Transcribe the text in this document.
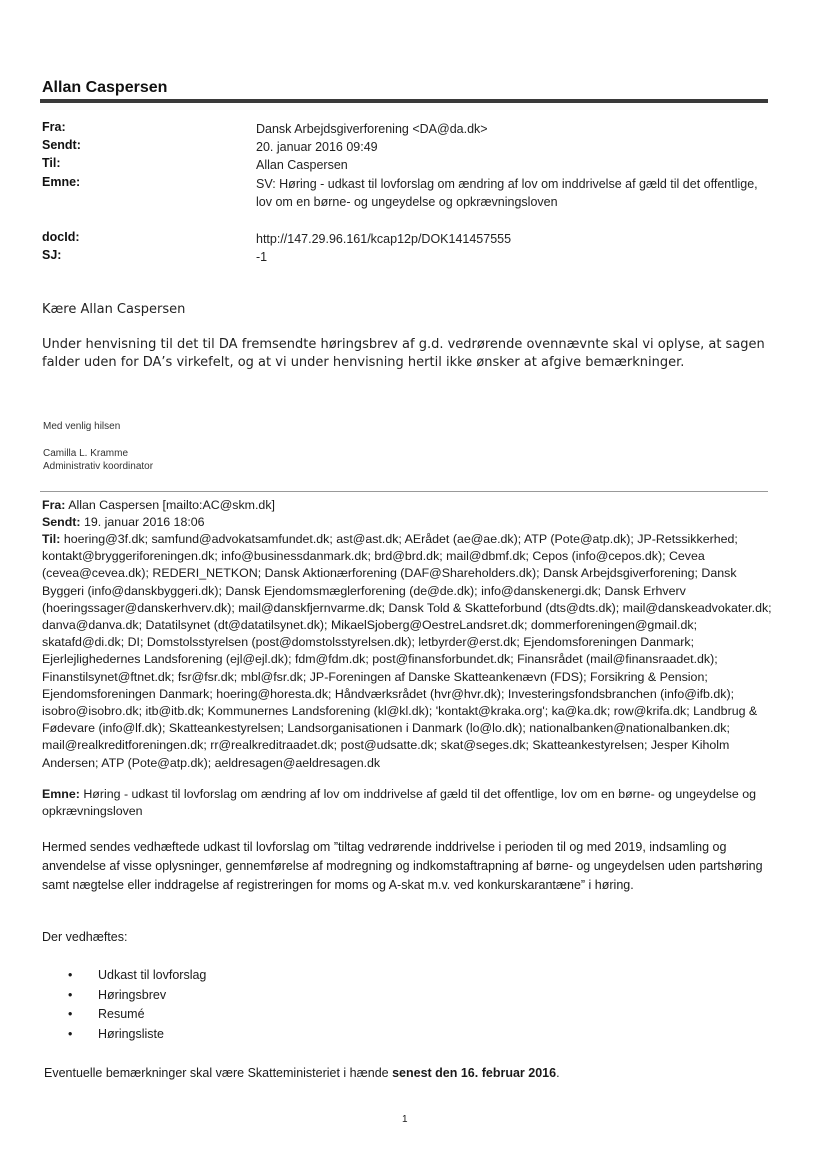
Allan Caspersen
Fra:	Dansk Arbejdsgiverforening <DA@da.dk>
Sendt:	20. januar 2016 09:49
Til:	Allan Caspersen
Emne:	SV: Høring - udkast til lovforslag om ændring af lov om inddrivelse af gæld til det offentlige, lov om en børne- og ungeydelse og opkrævningsloven
docId:	http://147.29.96.161/kcap12p/DOK141457555
SJ:	-1
Kære Allan Caspersen
Under henvisning til det til DA fremsendte høringsbrev af g.d. vedrørende ovennævnte skal vi oplyse, at sagen falder uden for DA’s virkefelt, og at vi under henvisning hertil ikke ønsker at afgive bemærkninger.
Med venlig hilsen
Camilla L. Kramme
Administrativ koordinator
Fra: Allan Caspersen [mailto:AC@skm.dk]
Sendt: 19. januar 2016 18:06
Til: hoering@3f.dk; samfund@advokatsamfundet.dk; ast@ast.dk; AErådet (ae@ae.dk); ATP (Pote@atp.dk); JP-Retssikkerhed; kontakt@bryggeriforeningen.dk; info@businessdanmark.dk; brd@brd.dk; mail@dbmf.dk; Cepos (info@cepos.dk); Cevea (cevea@cevea.dk); REDERI_NETKON; Dansk Aktionærforening (DAF@Shareholders.dk); Dansk Arbejdsgiverforening; Dansk Byggeri (info@danskbyggeri.dk); Dansk Ejendomsmæglerforening (de@de.dk); info@danskenergi.dk; Dansk Erhverv (hoeringssager@danskerhverv.dk); mail@danskfjernvarme.dk; Dansk Told & Skatteforbund (dts@dts.dk); mail@danskeadvokater.dk; danva@danva.dk; Datatilsynet (dt@datatilsynet.dk); MikaelSjoberg@OestreLandsret.dk; dommerforeningen@gmail.dk; skatafd@di.dk; DI; Domstolsstyrelsen (post@domstolsstyrelsen.dk); letbyrder@erst.dk; Ejendomsforeningen Danmark; Ejerlejlighedernes Landsforening (ejl@ejl.dk); fdm@fdm.dk; post@finansforbundet.dk; Finansrådet (mail@finansraadet.dk); Finanstilsynet@ftnet.dk; fsr@fsr.dk; mbl@fsr.dk; JP-Foreningen af Danske Skatteankenævn (FDS); Forsikring & Pension; Ejendomsforeningen Danmark; hoering@horesta.dk; Håndværksrådet (hvr@hvr.dk); Investeringsfondsbranchen (info@ifb.dk); isobro@isobro.dk; itb@itb.dk; Kommunernes Landsforening (kl@kl.dk); 'kontakt@kraka.org'; ka@ka.dk; row@krifa.dk; Landbrug & Fødevare (info@lf.dk); Skatteankestyrelsen; Landsorganisationen i Danmark (lo@lo.dk); nationalbanken@nationalbanken.dk; mail@realkreditforeningen.dk; rr@realkreditraadet.dk; post@udsatte.dk; skat@seges.dk; Skatteankestyrelsen; Jesper Kiholm Andersen; ATP (Pote@atp.dk); aeldresagen@aeldresagen.dk
Emne: Høring - udkast til lovforslag om ændring af lov om inddrivelse af gæld til det offentlige, lov om en børne- og ungeydelse og opkrævningsloven
Hermed sendes vedhæftede udkast til lovforslag om ”tiltag vedrørende inddrivelse i perioden til og med 2019, indsamling og anvendelse af visse oplysninger, gennemførelse af modregning og indkomstaftrapning af børne- og ungeydelsen uden partshøring samt nægtelse eller inddragelse af registreringen for moms og A-skat m.v. ved konkurskarantæne” i høring.
Der vedhæftes:
• Udkast til lovforslag
• Høringsbrev
• Resumé
• Høringsliste
Eventuelle bemærkninger skal være Skatteministeriet i hænde senest den 16. februar 2016.
1
